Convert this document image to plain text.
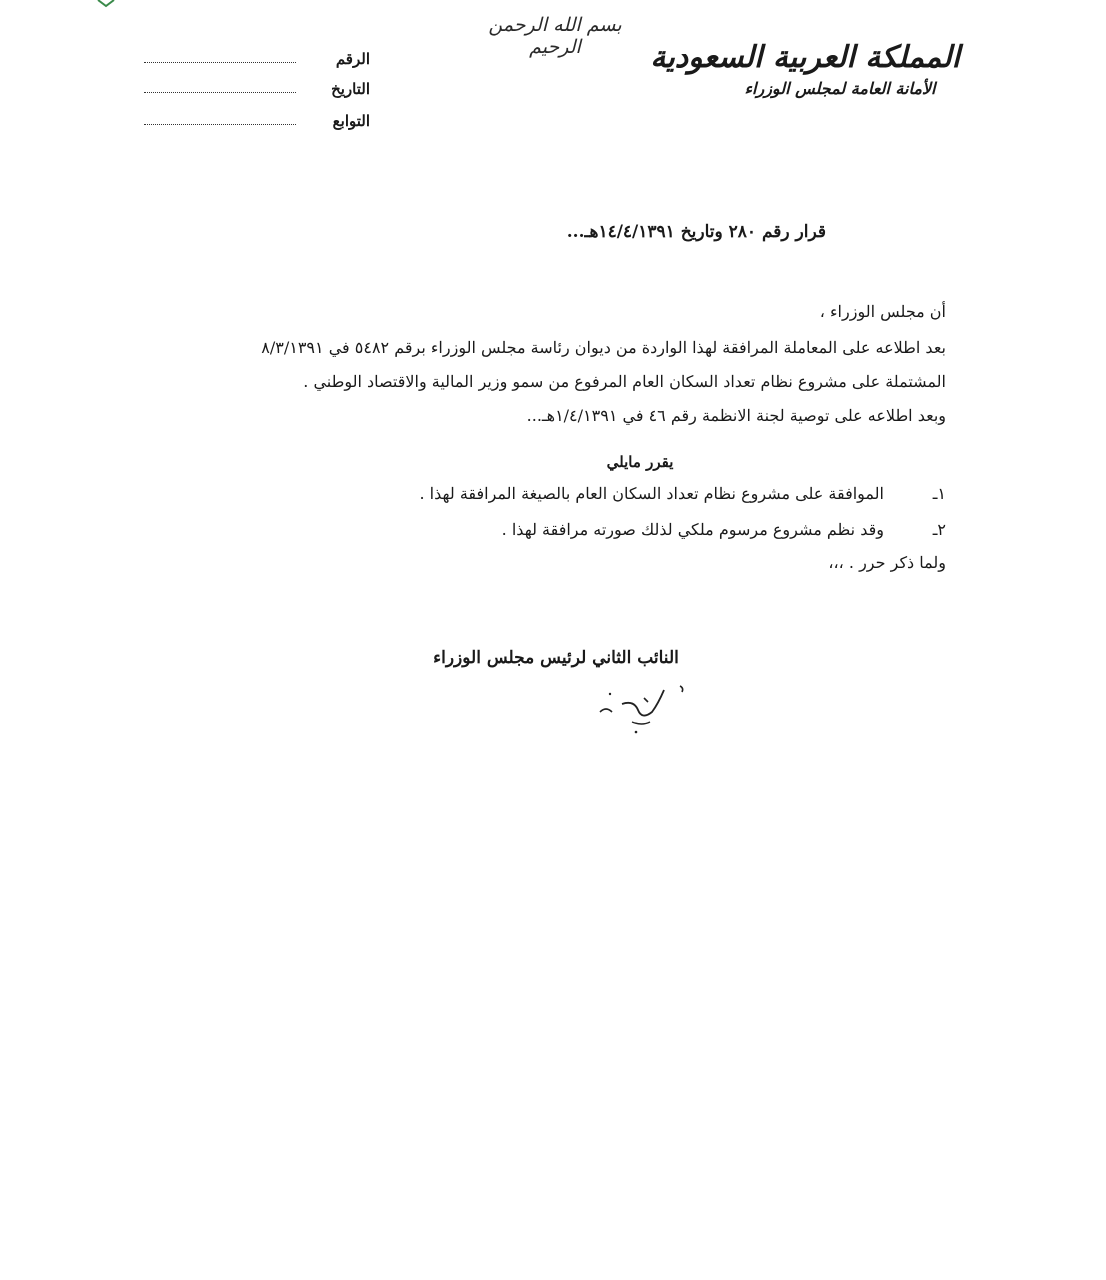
بسم الله الرحمن الرحيم
الرقم
التاريخ
التوابع
المملكة العربية السعودية
الأمانة العامة لمجلس الوزراء
قرار رقم ٢٨٠ وتاريخ ١٤/٤/١٣٩١هـ...
أن مجلس الوزراء ،
بعد اطلاعه على المعاملة المرافقة لهذا الواردة من ديوان رئاسة مجلس الوزراء برقم ٥٤٨٢ في ٨/٣/١٣٩١
المشتملة على مشروع نظام تعداد السكان العام المرفوع من سمو وزير المالية والاقتصاد الوطني .
وبعد اطلاعه على توصية لجنة الانظمة رقم ٤٦ في ١/٤/١٣٩١هـ...
يقرر مايلي
١ـ
الموافقة على مشروع نظام تعداد السكان العام بالصيغة المرافقة لهذا .
٢ـ
وقد نظم مشروع مرسوم ملكي لذلك صورته مرافقة لهذا .
ولما ذكر حرر . ،،،
النائب الثاني لرئيس مجلس الوزراء
